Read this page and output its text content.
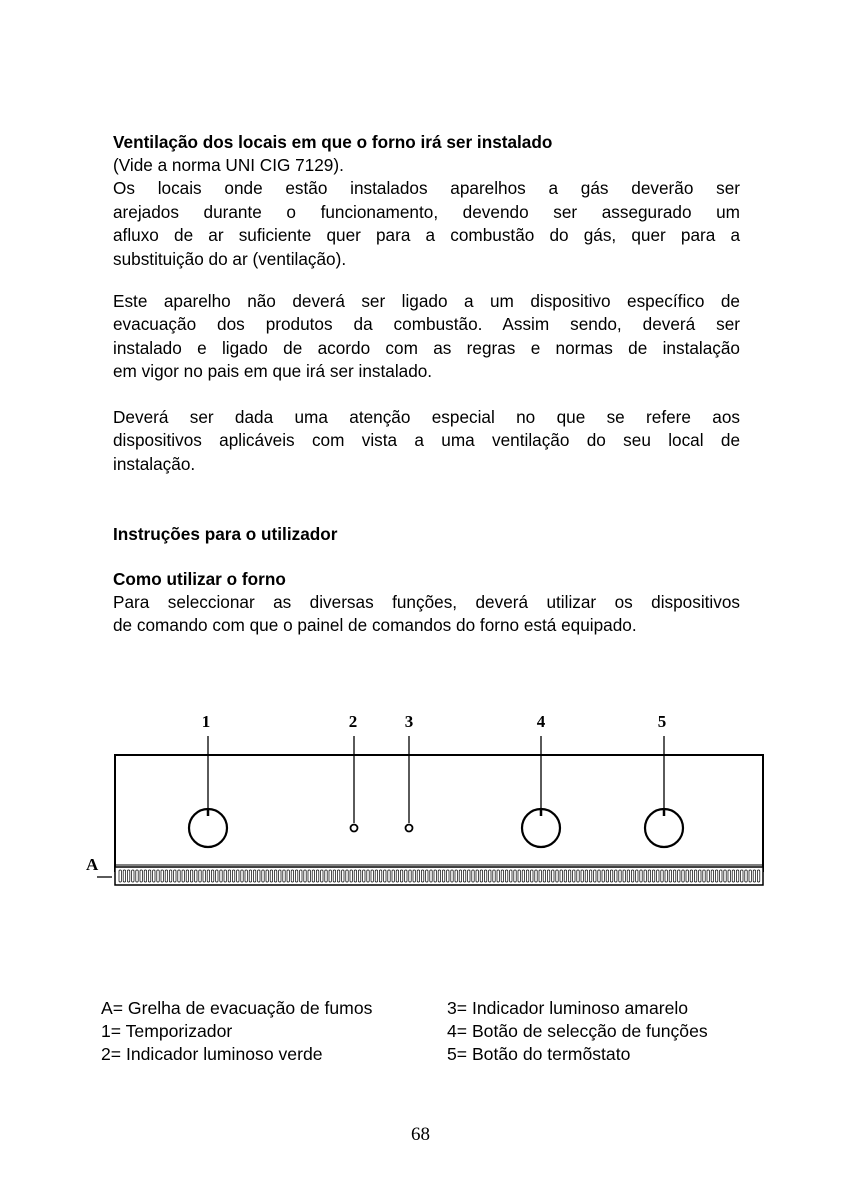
Ventilação dos locais em que o forno irá ser instalado
(Vide a norma UNI CIG 7129).
Os locais onde estão instalados aparelhos a gás deverão ser
arejados durante o funcionamento, devendo ser assegurado um
afluxo de ar suficiente quer para a combustão do gás, quer para a
substituição do ar (ventilação).
Este aparelho não deverá ser ligado a um dispositivo específico de
evacuação dos produtos da combustão. Assim sendo, deverá ser
instalado e ligado de acordo com as regras e normas de instalação
em vigor no pais em que irá ser instalado.
Deverá ser dada uma atenção especial no que se refere aos
dispositivos aplicáveis com vista a uma ventilação do seu local de
instalação.
Instruções para o utilizador
Como utilizar o forno
Para seleccionar as diversas funções, deverá utilizar os dispositivos
de comando com que o painel de comandos do forno está equipado.
1	2	3	4	5
A
A= Grelha de evacuação de fumos
1= Temporizador
2= Indicador luminoso verde
3= Indicador luminoso amarelo
4= Botão de selecção de funções
5= Botão do termõstato
68
